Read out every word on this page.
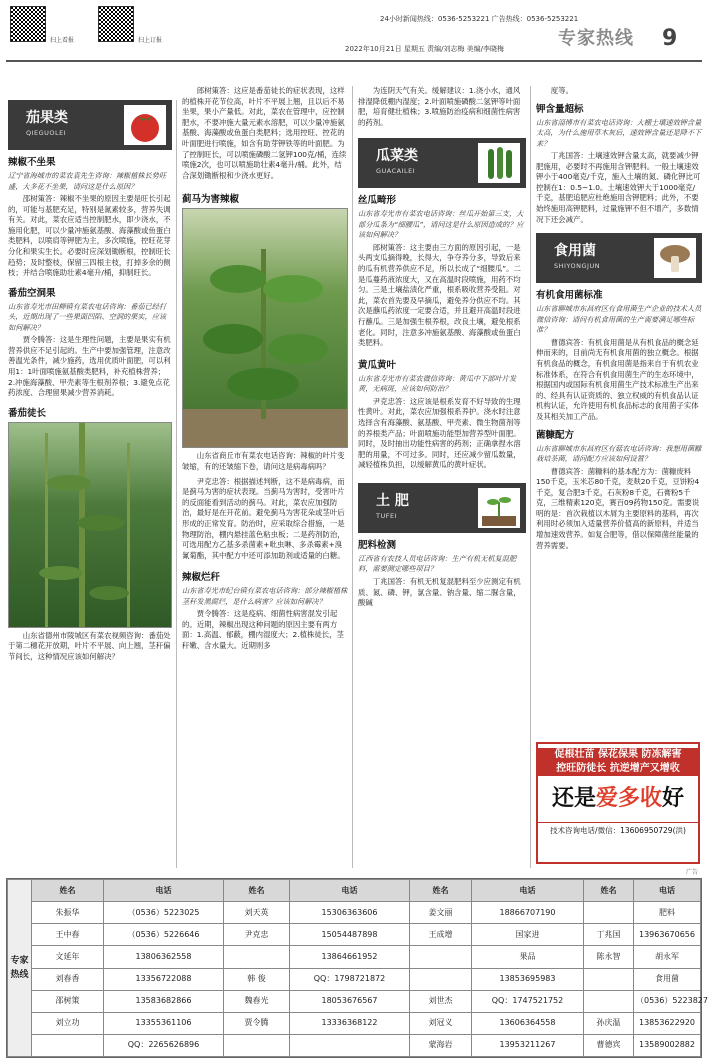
扫上看报	扫上订报
24小时新闻热线：0536-5253221 广告热线：0536-5253221
2022年10月21日 星期五 责编/刘志梅 美编/李晓梅	专家热线 9
茄果类
QIEGUOLEI
辣椒不坐果
辽宁省海城市的菜农袁先生咨询：辣椒植株长势旺盛，大多花不坐果，请问这是什么原因？

邵树策答：辣椒不坐果的原因主要是旺长引起的，可能与基肥充足，特别是氮素较多，营养失调有关。对此，菜农应适当控制肥水，即少浇水，不施用化肥，可以少量冲施氨基酸、海藻酸或鱼蛋白类肥料，以喷肩等钾肥为主，多次喷施，控旺花芽分化和果实生长。必要时应深划锄断根，控制旺长趋势；及时整枝，保留三四根主枝，打掉多余的侧枝；并结合喷施助壮素4毫升/桶，抑制旺长。

番茄空洞果
山东省寿光市田柳镇有菜农电话咨询：番茄已经打头，近期出现了一些果面凹陷、空洞的果实，应该如何解决？

贾令腾答：这是生理性问题，主要是果实有机营养供应不足引起的。生产中要加强管理，注意改善温光条件，减少施药，选用优质叶面肥，可以利用1：1叶面喷施氨基酸类肥料，补充植株营养；2.冲施海藻酸、甲壳素等生根剂养根；3.避免点花药浓度、合理留果减少营养消耗。

番茄徒长
山东省德州市陵城区有菜农视频咨询：番茄处于第二穗花开放期，叶片不平展、向上翘，茎秆偏节间长，这种情况应该如何解决？

郎树策答：这应是番茄徒长的症状表现，这样的植株开花节位高，叶片不平展上翘，且以后不易坐果，果小产量低。对此，菜农在管理中，应控制肥水，不要冲施大量元素水溶肥，可以少量冲施氨基酸、海藻酸或鱼蛋白类肥料；选用控旺、控花的叶面肥进行喷施，如含有助芽钾铁等的叶面肥。为了控制旺长，可以喷施磷酸二氢钾100克/桶，连续喷施2次，也可以喷施助壮素4毫升/桶。此外，结合深划锄断根和少浇水更好。

蓟马为害辣椒
山东省商丘市有菜农电话咨询：辣椒的叶片变皱缩，有的还皱缩下卷，请问这是病毒病吗？

尹克忠答：根据描述判断，这不是病毒病，而是蓟马为害的症状表现。当蓟马为害时，受害叶片的反面能看到活动的蓟马。对此，菜农应加强防治，最好是在开花前。避免蓟马为害花朵或茎叶后形成的正常发育。防治时，应采取综合措施，一是物理防治，棚内悬挂蓝色粘虫板；二是药剂防治，可选用配方乙基多杀菌素+吡虫啉、多杀霉素+溴氰菊酯，其中配方中还可添加助剂或适量的白糖。

辣椒烂秆
山东省寿光市纪台镇有菜农电话咨询：部分辣椒植株茎秆发黑腐烂，是什么病害？应该如何解决？

贾令腾答：这是疫病、细菌性病害混发引起的。近期，辣椒出现这种问题的原因主要有两方面：1.高温、郁蔽，棚内湿度大；2.植株徒长，茎秆嫩、含水量大。近期则多

为连阴天气有关。缓解建议：1.浇小水，通风排湿降低棚内湿度；2.叶面喷施磷酸二氢钾等叶面肥，培育健壮植株；3.喷施防治疫病和细菌性病害的药剂。

瓜菜类
GUACAILEI
丝瓜畸形
山东省寿光市有菜农电话咨询：丝瓜开始第三支，大部分瓜条为“细腰瓜”，请问这是什么原因造成的？应该如何解决？

郎树策答：这主要由三方面的原因引起，一是头两支瓜摘得晚，长得大，争夺养分多，导致后来的瓜有机营养供应不足，所以长成了“细腰瓜”。二是瓜蔓药液浓度大，又在高温时段喷施，用药不均匀。三是土壤盐渍化严重，根系吸收营养受阻。对此，菜农首先要及早摘瓜，避免养分供应不均。其次是蘸瓜药浓度一定要合适，并且避开高温时段进行蘸瓜。三是加强生根养根，改良土壤，避免根系老化。同时，注意多冲施氨基酸、海藻酸或鱼蛋白类肥料。

黄瓜黄叶
山东省寿光市有菜农微信咨询：黄瓜中下部叶片发黄，无病斑，应该如何防治？

尹克忠答：这应该是根系发育不好导致的生理性黄叶。对此，菜农应加强根系养护。浇水时注意选择含有海藻酸、氨基酸、甲壳素、微生物菌剂等的养根类产品；叶面喷施功能型加营养型叶面肥。同时，及时抽出功能性病害的药剂；正确拿捏水溶肥的用量，不可过多。同时，还应减少留瓜数量，减轻植株负担，以缓解黄瓜的黄叶症状。

土 肥
TUFEI
肥料检测
江西省有农技人员电话咨询：生产有机无机复混肥料，需要测定哪些项目？

丁兆国答：有机无机复混肥料至少应测定有机质、氮、磷、钾，氯含量、钠含量、缩二脲含量，酸碱

度等。

钾含量超标
山东省淄博市有菜农电话咨询：大棚土壤速效钾含量太高，为什么施用草木灰后，速效钾含量还是降不下来？

丁兆国答：土壤速效钾含量太高，就要减少钾肥施用，必要时不再施用含钾肥料。一般土壤速效钾小于400毫克/千克，施入土壤的氮、磷化钾比可控制在1：0.5~1.0。土壤速效钾大于1000毫克/千克，基肥追肥应杜绝施用含钾肥料；此外，不要始终施用高钾肥料，过量施钾不但不增产，多数情况下还会减产。

食用菌
SHIYONGJUN
有机食用菌标准
山东省聊城市东昌府区有食用菌生产企业的技术人员微信咨询：请问有机食用菌的生产需要满足哪些标准？

曹德宾答：有机食用菌是从有机食品的概念延伸而来的，目前尚无有机食用菌的独立概念。根据有机食品的概念，有机食用菌是指来自于有机农业标准体系，在符合有机食用菌生产的生态环境中，根据国内或国际有机食用菌生产技术标准生产出来的、经具有认证资质的、独立权威的有机食品认证机构认证，允许使用有机食品标志的食用菌子实体及其相关加工产品。

菌糠配方
山东省聊城市东昌府区有菇农电话咨询：我想用菌糠栽培茶菌，请问配方应该如何设置？

曹德宾答：菌糠料的基本配方为：菌糠废料150千克，玉米芯80千克，麦麸20千克，豆饼粉4千克，复合肥3千克，石灰粉8千克，石膏粉5千克，三维精素120克，赛百09药物150克。需要说明的是：首次栽植以木屑为主要原料的基料，再次利用时必须加入适量营养价值高的新原料，并适当增加速效营养。如复合肥等，借以保障菌丝能量的营养需要。

促根壮苗 保花保果 防冻解害
控旺防徒长 抗逆增产又增收
还是爱多收好
技术咨询电话/微信：13606950729(洪)
广告
专家热线	姓名	电话	姓名	电话	姓名	电话	姓名	电话
	朱振华	（0536）5223025	刘天英	15306363606	姜文丽	18866707190		肥料
	王中春	（0536）5226646	尹克忠	15054487898	王成增	国家进	丁兆国	13963670656
	文延年	13806362558		13864661952		果品	陈永智	胡永军
	刘春香	13356722088	韩 俊	QQ：1798721872		13853695983		食用菌
	邵树策	13583682866	魏春光	18053676567	刘世杰	QQ：1747521752		（0536）5223827
	刘立功	13355361106	贾令腾	13336368122	刘冠义	13606364558	孙庆温	13853622920
		QQ：2265626896			蒙海岩	13953211267	曹德宾	13589002882
